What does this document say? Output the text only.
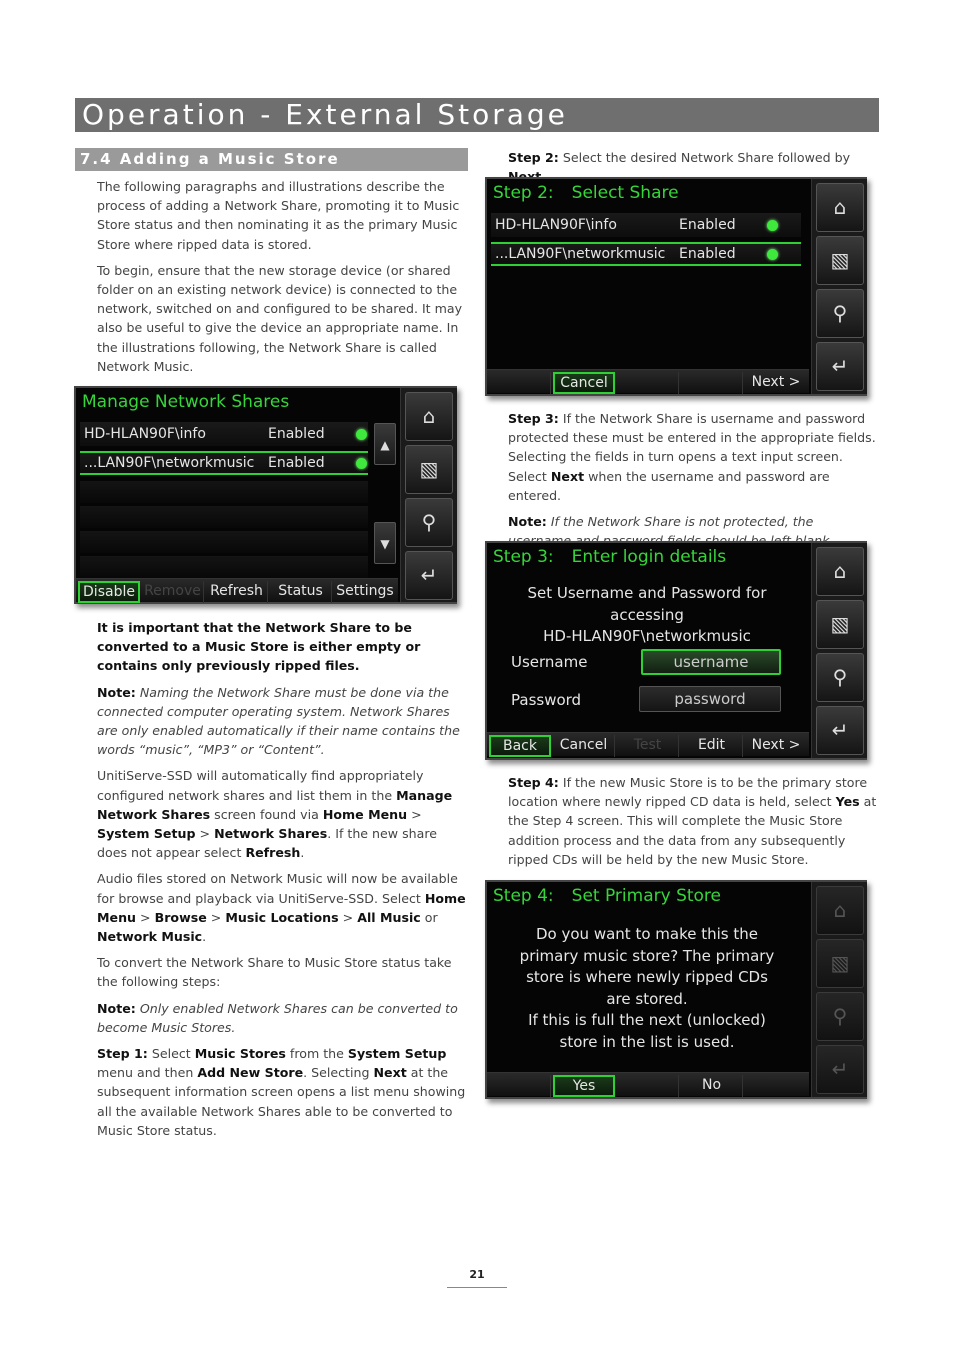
Operation - External Storage
7.4 Adding a Music Store

The following paragraphs and illustrations describe the process of adding a Network Share, promoting it to Music Store status and then nominating it as the primary Music Store where ripped data is stored.

To begin, ensure that the new storage device (or shared folder on an existing network device) is connected to the network, switched on and configured to be shared. It may also be useful to give the device an appropriate name. In the illustrations following, the Network Share is called Network Music.

Manage Network Shares
HD-HLAN90F\info	Enabled
...LAN90F\networkmusic Enabled
▲
▼
Disable Remove Refresh	Status Settings
⌂
▧
⚲
↵

It is important that the Network Share to be converted to a Music Store is either empty or contains only previously ripped files.

Note: Naming the Network Share must be done via the connected computer operating system. Network Shares are only enabled automatically if their name contains the words “music”, “MP3” or “Content”.

UnitiServe-SSD will automatically find appropriately configured network shares and list them in the Manage Network Shares screen found via Home Menu > System Setup > Network Shares. If the new share does not appear select Refresh.

Audio files stored on Network Music will now be available for browse and playback via UnitiServe-SSD. Select Home Menu > Browse > Music Locations > All Music or Network Music.

To convert the Network Share to Music Store status take the following steps:

Note: Only enabled Network Shares can be converted to become Music Stores.

Step 1: Select Music Stores from the System Setup menu and then Add New Store. Selecting Next at the subsequent information screen opens a list menu showing all the available Network Shares able to be converted to Music Store status.

Step 2: Select the desired Network Share followed by

Step 2: Select Share
HD-HLAN90F\info	Enabled
...LAN90F\networkmusic Enabled
Cancel	Next >
⌂
▧
⚲
↵

Step 3: If the Network Share is username and password protected these must be entered in the appropriate fields. Selecting the fields in turn opens a text input screen. Select Next when the username and password are entered.

Note: If the Network Share is not protected, the

Step 3: Enter login details
Set Username and Password for
accessing
HD-HLAN90F\networkmusic
Username	username
Password	password
Back	Cancel	Test	Edit	Next >
⌂
▧
⚲
↵

Step 4: If the new Music Store is to be the primary store location where newly ripped CD data is held, select Yes at the Step 4 screen. This will complete the Music Store addition process and the data from any subsequently ripped CDs will be held by the new Music Store.

Step 4: Set Primary Store
Do you want to make this the
primary music store? The primary
store is where newly ripped CDs
are stored.
If this is full the next (unlocked)
store in the list is used.
Yes	No
⌂
▧
⚲
↵
21
